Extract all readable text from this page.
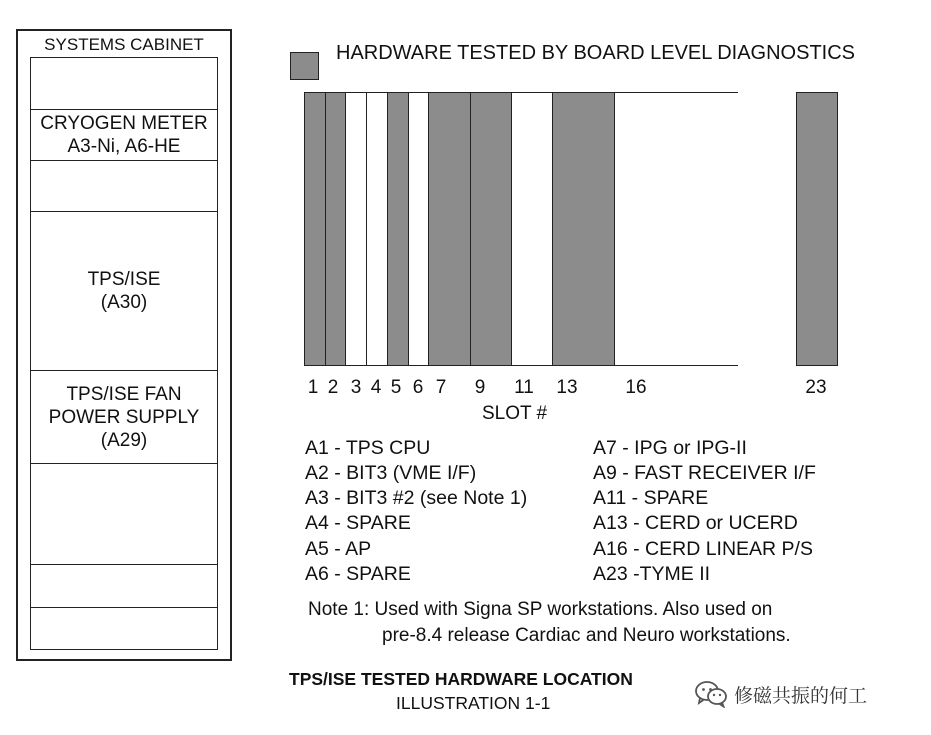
SYSTEMS CABINET
CRYOGEN METER
A3-Ni, A6-HE
TPS/ISE
(A30)
TPS/ISE FAN
POWER SUPPLY
(A29)
HARDWARE TESTED BY BOARD LEVEL DIAGNOSTICS
1 2 3 4 5 6 7 9 11 13	16	23
SLOT #
A1 - TPS CPU
A2 - BIT3 (VME I/F)
A3 - BIT3 #2 (see Note 1)
A4 - SPARE
A5 - AP
A6 - SPARE
A7 - IPG or IPG-II
A9 - FAST RECEIVER I/F
A11 - SPARE
A13 - CERD or UCERD
A16 - CERD LINEAR P/S
A23 -TYME II
Note 1: Used with Signa SP workstations. Also used on
pre-8.4 release Cardiac and Neuro workstations.
TPS/ISE TESTED HARDWARE LOCATION
ILLUSTRATION 1-1	修磁共振的何工
